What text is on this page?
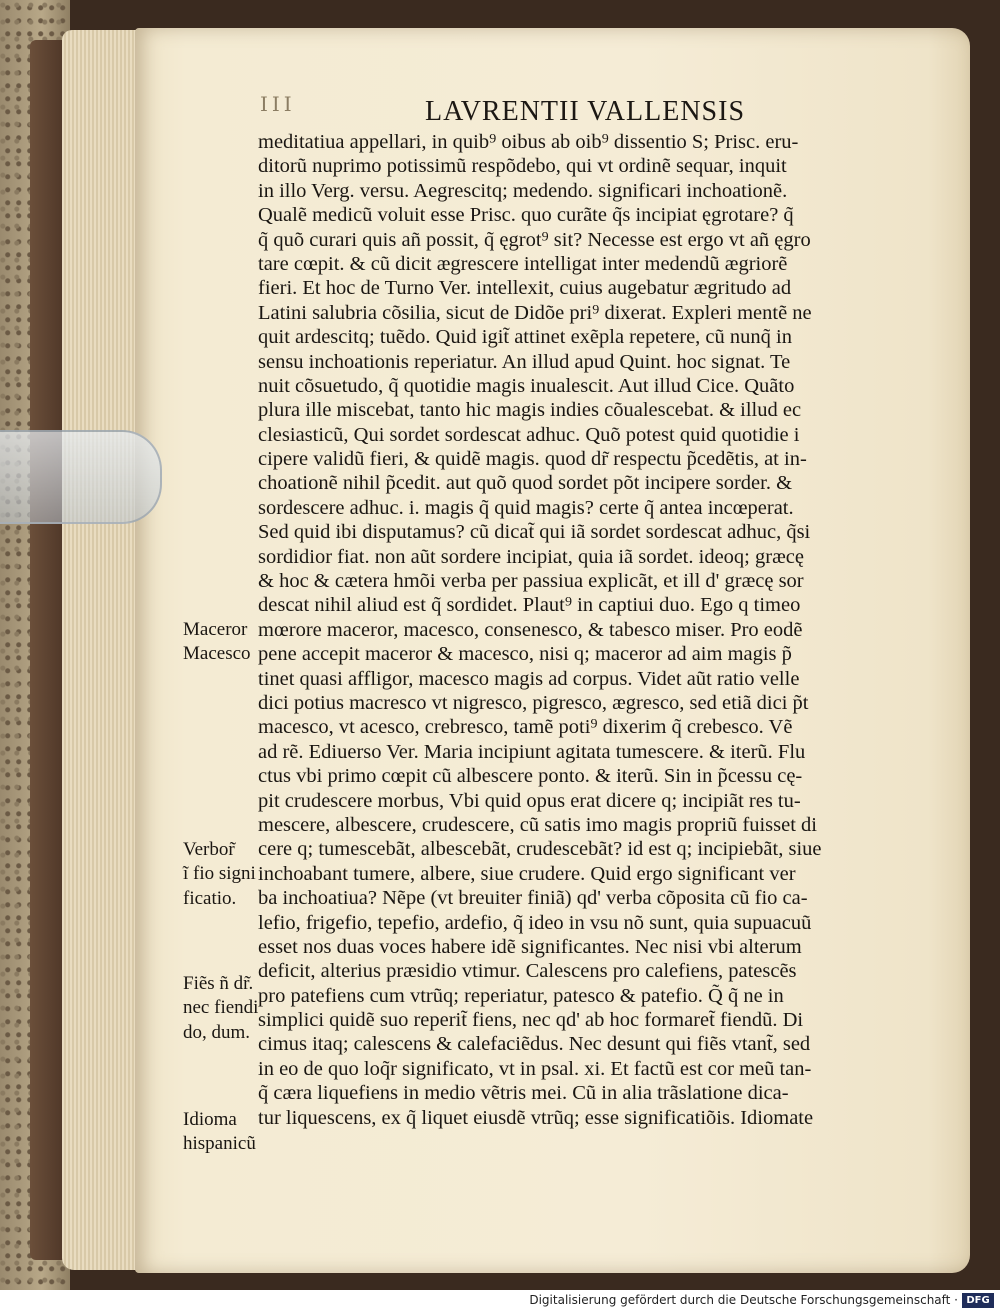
III	LAVRENTII VALLENSIS
meditatiua appellari, in quib⁹ oibus ab oib⁹ dissentio S; Prisc. eru-
ditorũ nuprimo potissimũ respõdebo, qui vt ordinẽ sequar, inquit
in illo Verg. versu. Aegrescitq; medendo. significari inchoationẽ.
Qualẽ medicũ voluit esse Prisc. quo curãte q̃s incipiat ęgrotare? q̃
q̃ quõ curari quis añ possit, q̃ ęgrot⁹ sit? Necesse est ergo vt añ ęgro
tare cœpit. & cũ dicit ægrescere intelligat inter medendũ ægriorẽ
fieri. Et hoc de Turno Ver. intellexit, cuius augebatur ægritudo ad
Latini salubria cõsilia, sicut de Didõe pri⁹ dixerat. Expleri mentẽ ne
quit ardescitq; tuẽdo. Quid igit̃ attinet exẽpla repetere, cũ nunq̃ in
sensu inchoationis reperiatur. An illud apud Quint. hoc signat. Te
nuit cõsuetudo, q̃ quotidie magis inualescit. Aut illud Cice. Quãto
plura ille miscebat, tanto hic magis indies cõualescebat. & illud ec
clesiasticũ, Qui sordet sordescat adhuc. Quõ potest quid quotidie i
cipere validũ fieri, & quidẽ magis. quod dr̃ respectu p̃cedẽtis, at in-
choationẽ nihil p̃cedit. aut quõ quod sordet põt incipere sorder. &
sordescere adhuc. i. magis q̃ quid magis? certe q̃ antea incœperat.
Sed quid ibi disputamus? cũ dicat̃ qui iã sordet sordescat adhuc, q̃si
sordidior fiat. non aũt sordere incipiat, quia iã sordet. ideoq; græcę
& hoc & cætera hmõi verba per passiua explicãt, et ill d' græcę sor
descat nihil aliud est q̃ sordidet. Plaut⁹ in captiui duo. Ego q timeo
mœrore maceror, macesco, consenesco, & tabesco miser. Pro eodẽ
pene accepit maceror & macesco, nisi q; maceror ad aim magis p̃
tinet quasi affligor, macesco magis ad corpus. Videt aũt ratio velle
dici potius macresco vt nigresco, pigresco, ægresco, sed etiã dici p̃t
macesco, vt acesco, crebresco, tamẽ poti⁹ dixerim q̃ crebesco. Vẽ
ad rẽ. Ediuerso Ver. Maria incipiunt agitata tumescere. & iterũ. Flu
ctus vbi primo cœpit cũ albescere ponto. & iterũ. Sin in p̃cessu cę-
pit crudescere morbus, Vbi quid opus erat dicere q; incipiãt res tu-
mescere, albescere, crudescere, cũ satis imo magis propriũ fuisset di
cere q; tumescebãt, albescebãt, crudescebãt? id est q; incipiebãt, siue
inchoabant tumere, albere, siue crudere. Quid ergo significant ver
ba inchoatiua? Nẽpe (vt breuiter finiã) qd' verba cõposita cũ fio ca-
lefio, frigefio, tepefio, ardefio, q̃ ideo in vsu nõ sunt, quia supuacuũ
esset nos duas voces habere idẽ significantes. Nec nisi vbi alterum
deficit, alterius præsidio vtimur. Calescens pro calefiens, patescẽs
pro patefiens cum vtrũq; reperiatur, patesco & patefio. Q̃ q̃ ne in
simplici quidẽ suo reperit̃ fiens, nec qd' ab hoc formaret̃ fiendũ. Di
cimus itaq; calescens & calefaciẽdus. Nec desunt qui fiẽs vtant̃, sed
in eo de quo loq̃r significato, vt in psal. xi. Et factũ est cor meũ tan-
q̃ cæra liquefiens in medio vẽtris mei. Cũ in alia trãslatione dica-
tur liquescens, ex q̃ liquet eiusdẽ vtrũq; esse significatiõis. Idiomate
Maceror
Macesco
Verbor̃
ĩ fio signi
ficatio.
Fiẽs ñ dr̃.
nec fiendi
do, dum.
Idioma
hispanicũ
Digitalisierung gefördert durch die Deutsche Forschungsgemeinschaft · DFG
